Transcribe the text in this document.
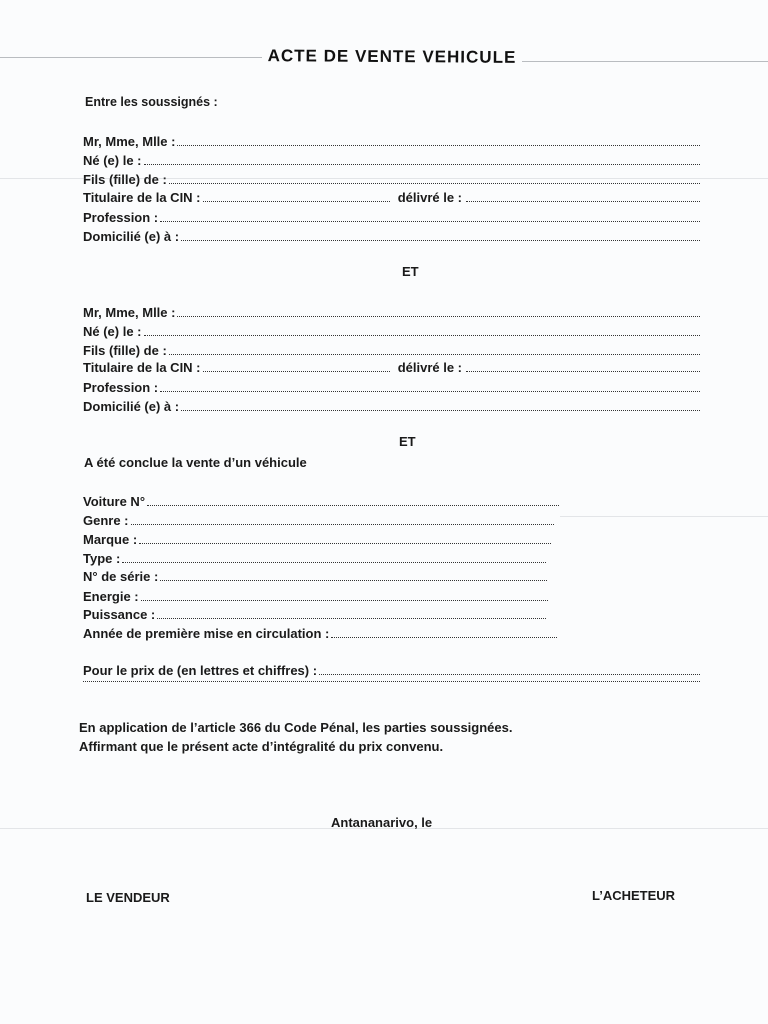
ACTE DE VENTE VEHICULE
Entre les soussignés :
Mr, Mme, Mlle :
Né (e) le :
Fils (fille) de :
Titulaire de la CIN :	délivré le :
Profession :
Domicilié (e) à :
ET
Mr, Mme, Mlle :
Né (e) le :
Fils (fille) de :
Titulaire de la CIN :	délivré le :
Profession :
Domicilié (e) à :
ET
A été conclue la vente d’un véhicule
Voiture N°
Genre :
Marque :
Type :
N° de série :
Energie :
Puissance :
Année de première mise en circulation :
Pour le prix de (en lettres et chiffres) :
En application de l’article 366 du Code Pénal, les parties soussignées.
Affirmant que le présent acte d’intégralité du prix convenu.
Antananarivo, le
LE VENDEUR	L’ACHETEUR
